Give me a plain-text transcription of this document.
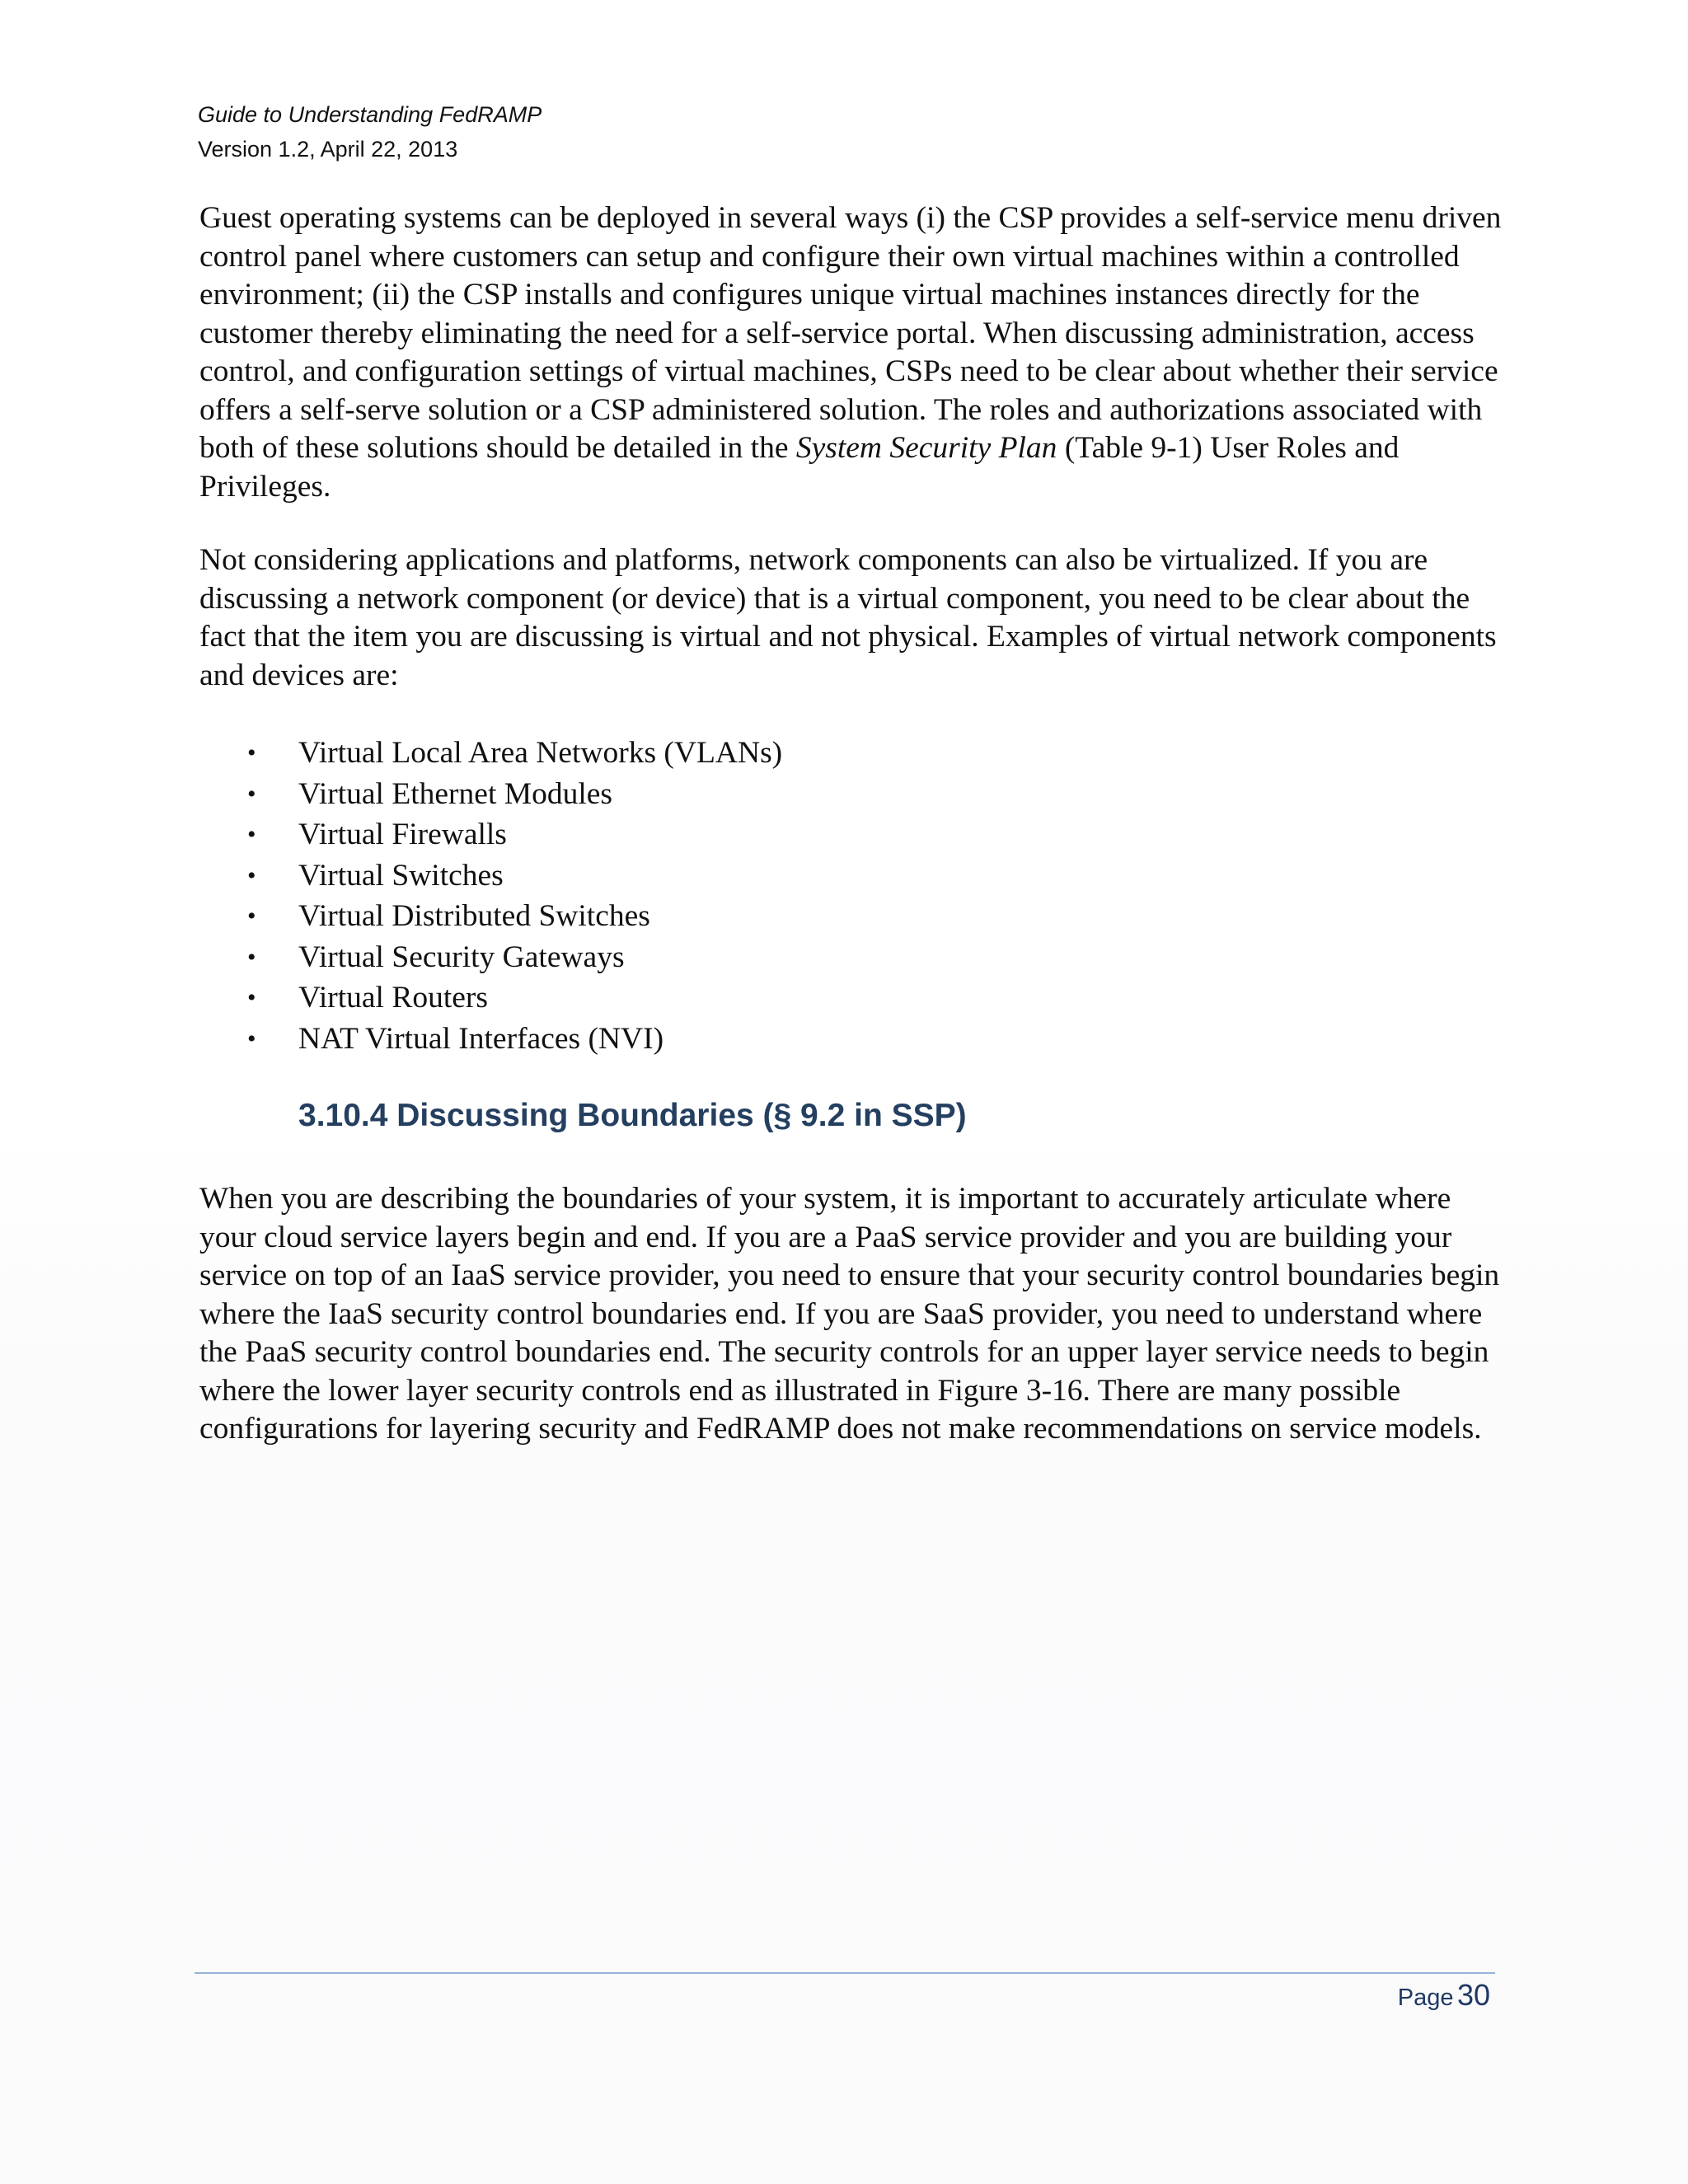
Guide to Understanding FedRAMP
Version 1.2, April 22, 2013

Guest operating systems can be deployed in several ways (i) the CSP provides a self-service menu driven control panel where customers can setup and configure their own virtual machines within a controlled environment; (ii) the CSP installs and configures unique virtual machines instances directly for the customer thereby eliminating the need for a self-service portal. When discussing administration, access control, and configuration settings of virtual machines, CSPs need to be clear about whether their service offers a self-serve solution or a CSP administered solution. The roles and authorizations associated with both of these solutions should be detailed in the System Security Plan (Table 9-1) User Roles and Privileges.

Not considering applications and platforms, network components can also be virtualized. If you are discussing a network component (or device) that is a virtual component, you need to be clear about the fact that the item you are discussing is virtual and not physical. Examples of virtual network components and devices are:

• Virtual Local Area Networks (VLANs)
• Virtual Ethernet Modules
• Virtual Firewalls
• Virtual Switches
• Virtual Distributed Switches
• Virtual Security Gateways
• Virtual Routers
• NAT Virtual Interfaces (NVI)
3.10.4 Discussing Boundaries (§ 9.2 in SSP)

When you are describing the boundaries of your system, it is important to accurately articulate where your cloud service layers begin and end. If you are a PaaS service provider and you are building your service on top of an IaaS service provider, you need to ensure that your security control boundaries begin where the IaaS security control boundaries end. If you are SaaS provider, you need to understand where the PaaS security control boundaries end. The security controls for an upper layer service needs to begin where the lower layer security controls end as illustrated in Figure 3-16. There are many possible configurations for layering security and FedRAMP does not make recommendations on service models.

Page 30
